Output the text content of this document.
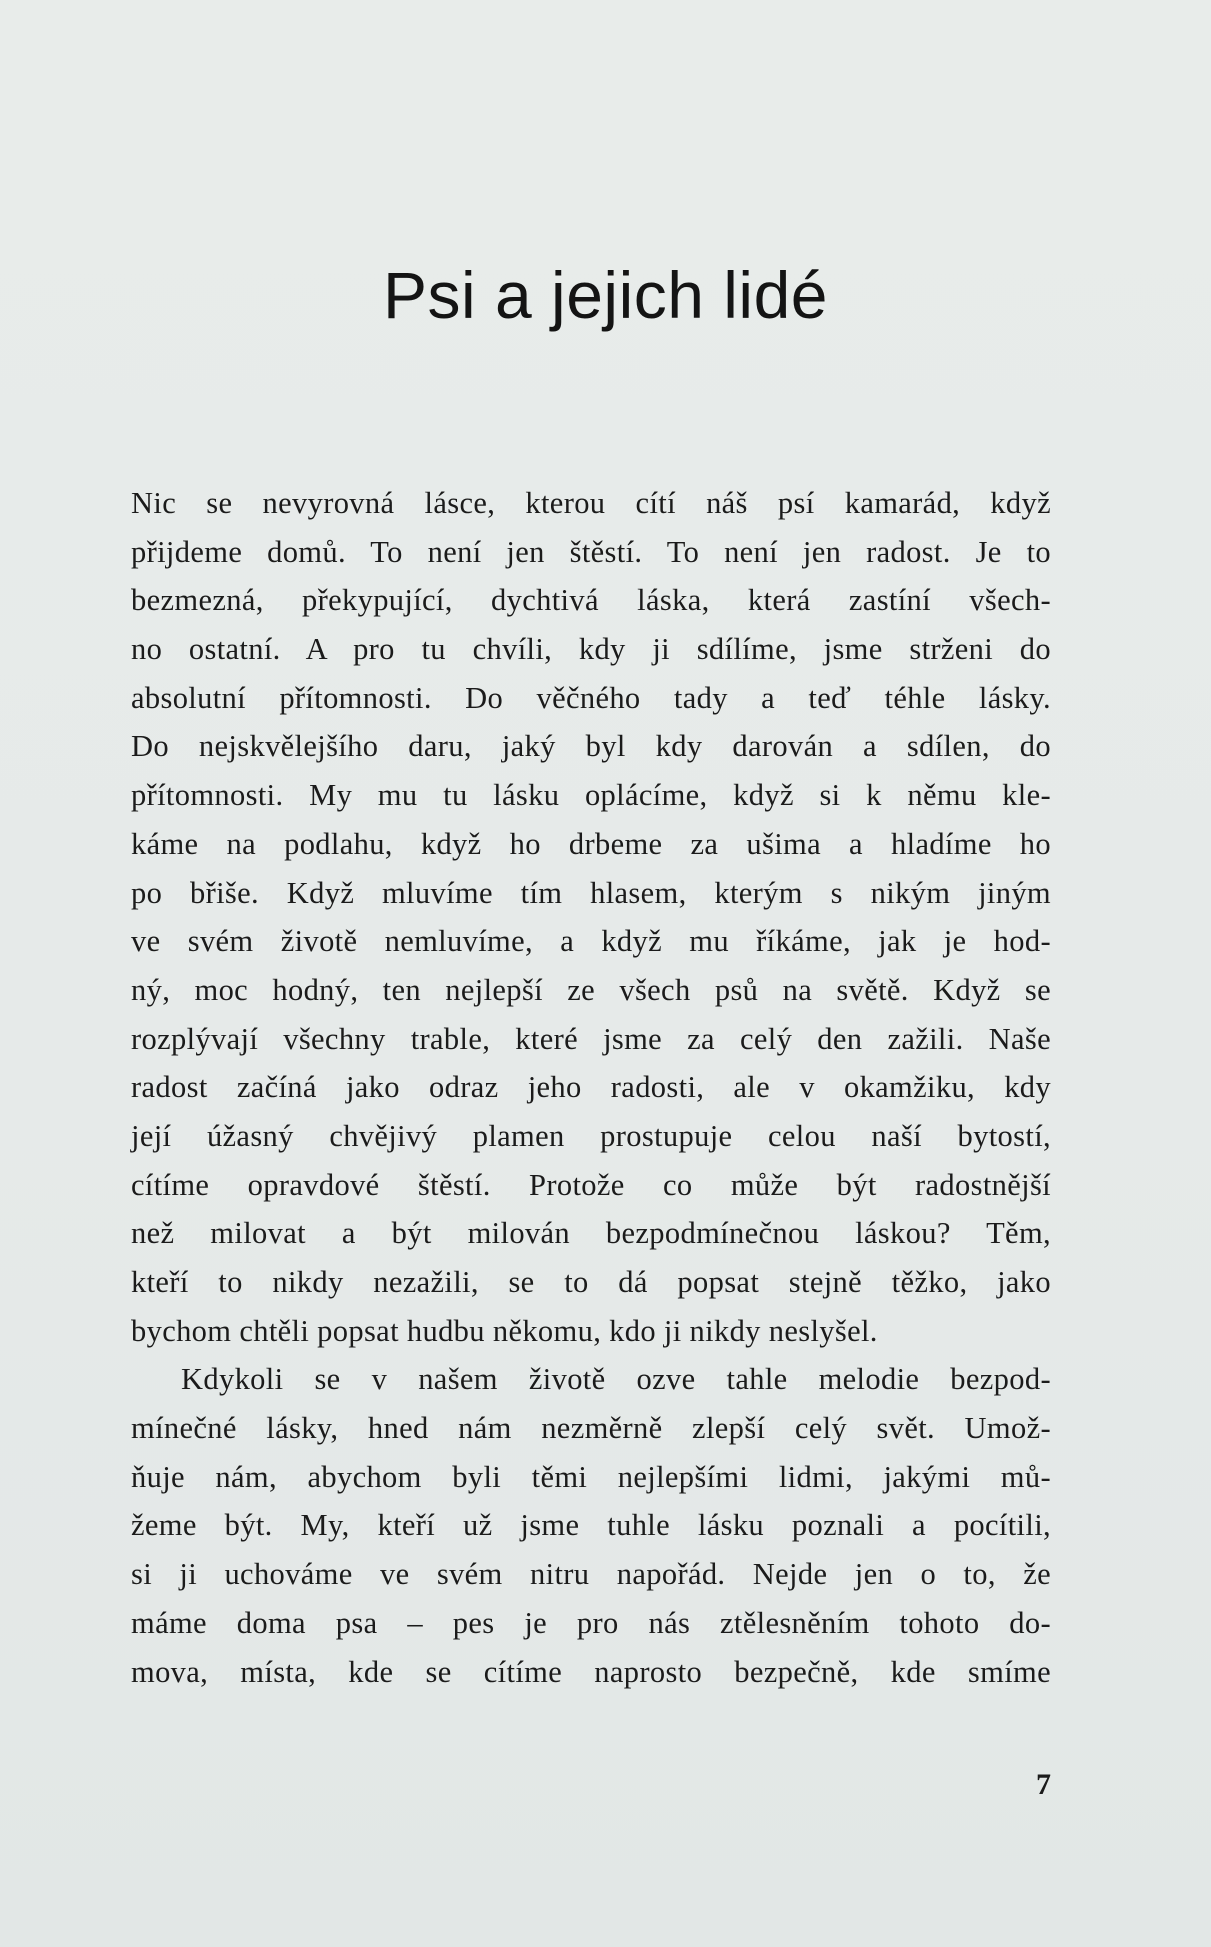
Psi a jejich lidé
Nic se nevyrovná lásce, kterou cítí náš psí kamarád, když
přijdeme domů. To není jen štěstí. To není jen radost. Je to
bezmezná, překypující, dychtivá láska, která zastíní všech-
no ostatní. A pro tu chvíli, kdy ji sdílíme, jsme strženi do
absolutní přítomnosti. Do věčného tady a teď téhle lásky.
Do nejskvělejšího daru, jaký byl kdy darován a sdílen, do
přítomnosti. My mu tu lásku oplácíme, když si k němu kle-
káme na podlahu, když ho drbeme za ušima a hladíme ho
po břiše. Když mluvíme tím hlasem, kterým s nikým jiným
ve svém životě nemluvíme, a když mu říkáme, jak je hod-
ný, moc hodný, ten nejlepší ze všech psů na světě. Když se
rozplývají všechny trable, které jsme za celý den zažili. Naše
radost začíná jako odraz jeho radosti, ale v okamžiku, kdy
její úžasný chvějivý plamen prostupuje celou naší bytostí,
cítíme opravdové štěstí. Protože co může být radostnější
než milovat a být milován bezpodmínečnou láskou? Těm,
kteří to nikdy nezažili, se to dá popsat stejně těžko, jako
bychom chtěli popsat hudbu někomu, kdo ji nikdy neslyšel.
Kdykoli se v našem životě ozve tahle melodie bezpod-
mínečné lásky, hned nám nezměrně zlepší celý svět. Umož-
ňuje nám, abychom byli těmi nejlepšími lidmi, jakými mů-
žeme být. My, kteří už jsme tuhle lásku poznali a pocítili,
si ji uchováme ve svém nitru napořád. Nejde jen o to, že
máme doma psa – pes je pro nás ztělesněním tohoto do-
mova, místa, kde se cítíme naprosto bezpečně, kde smíme
7
